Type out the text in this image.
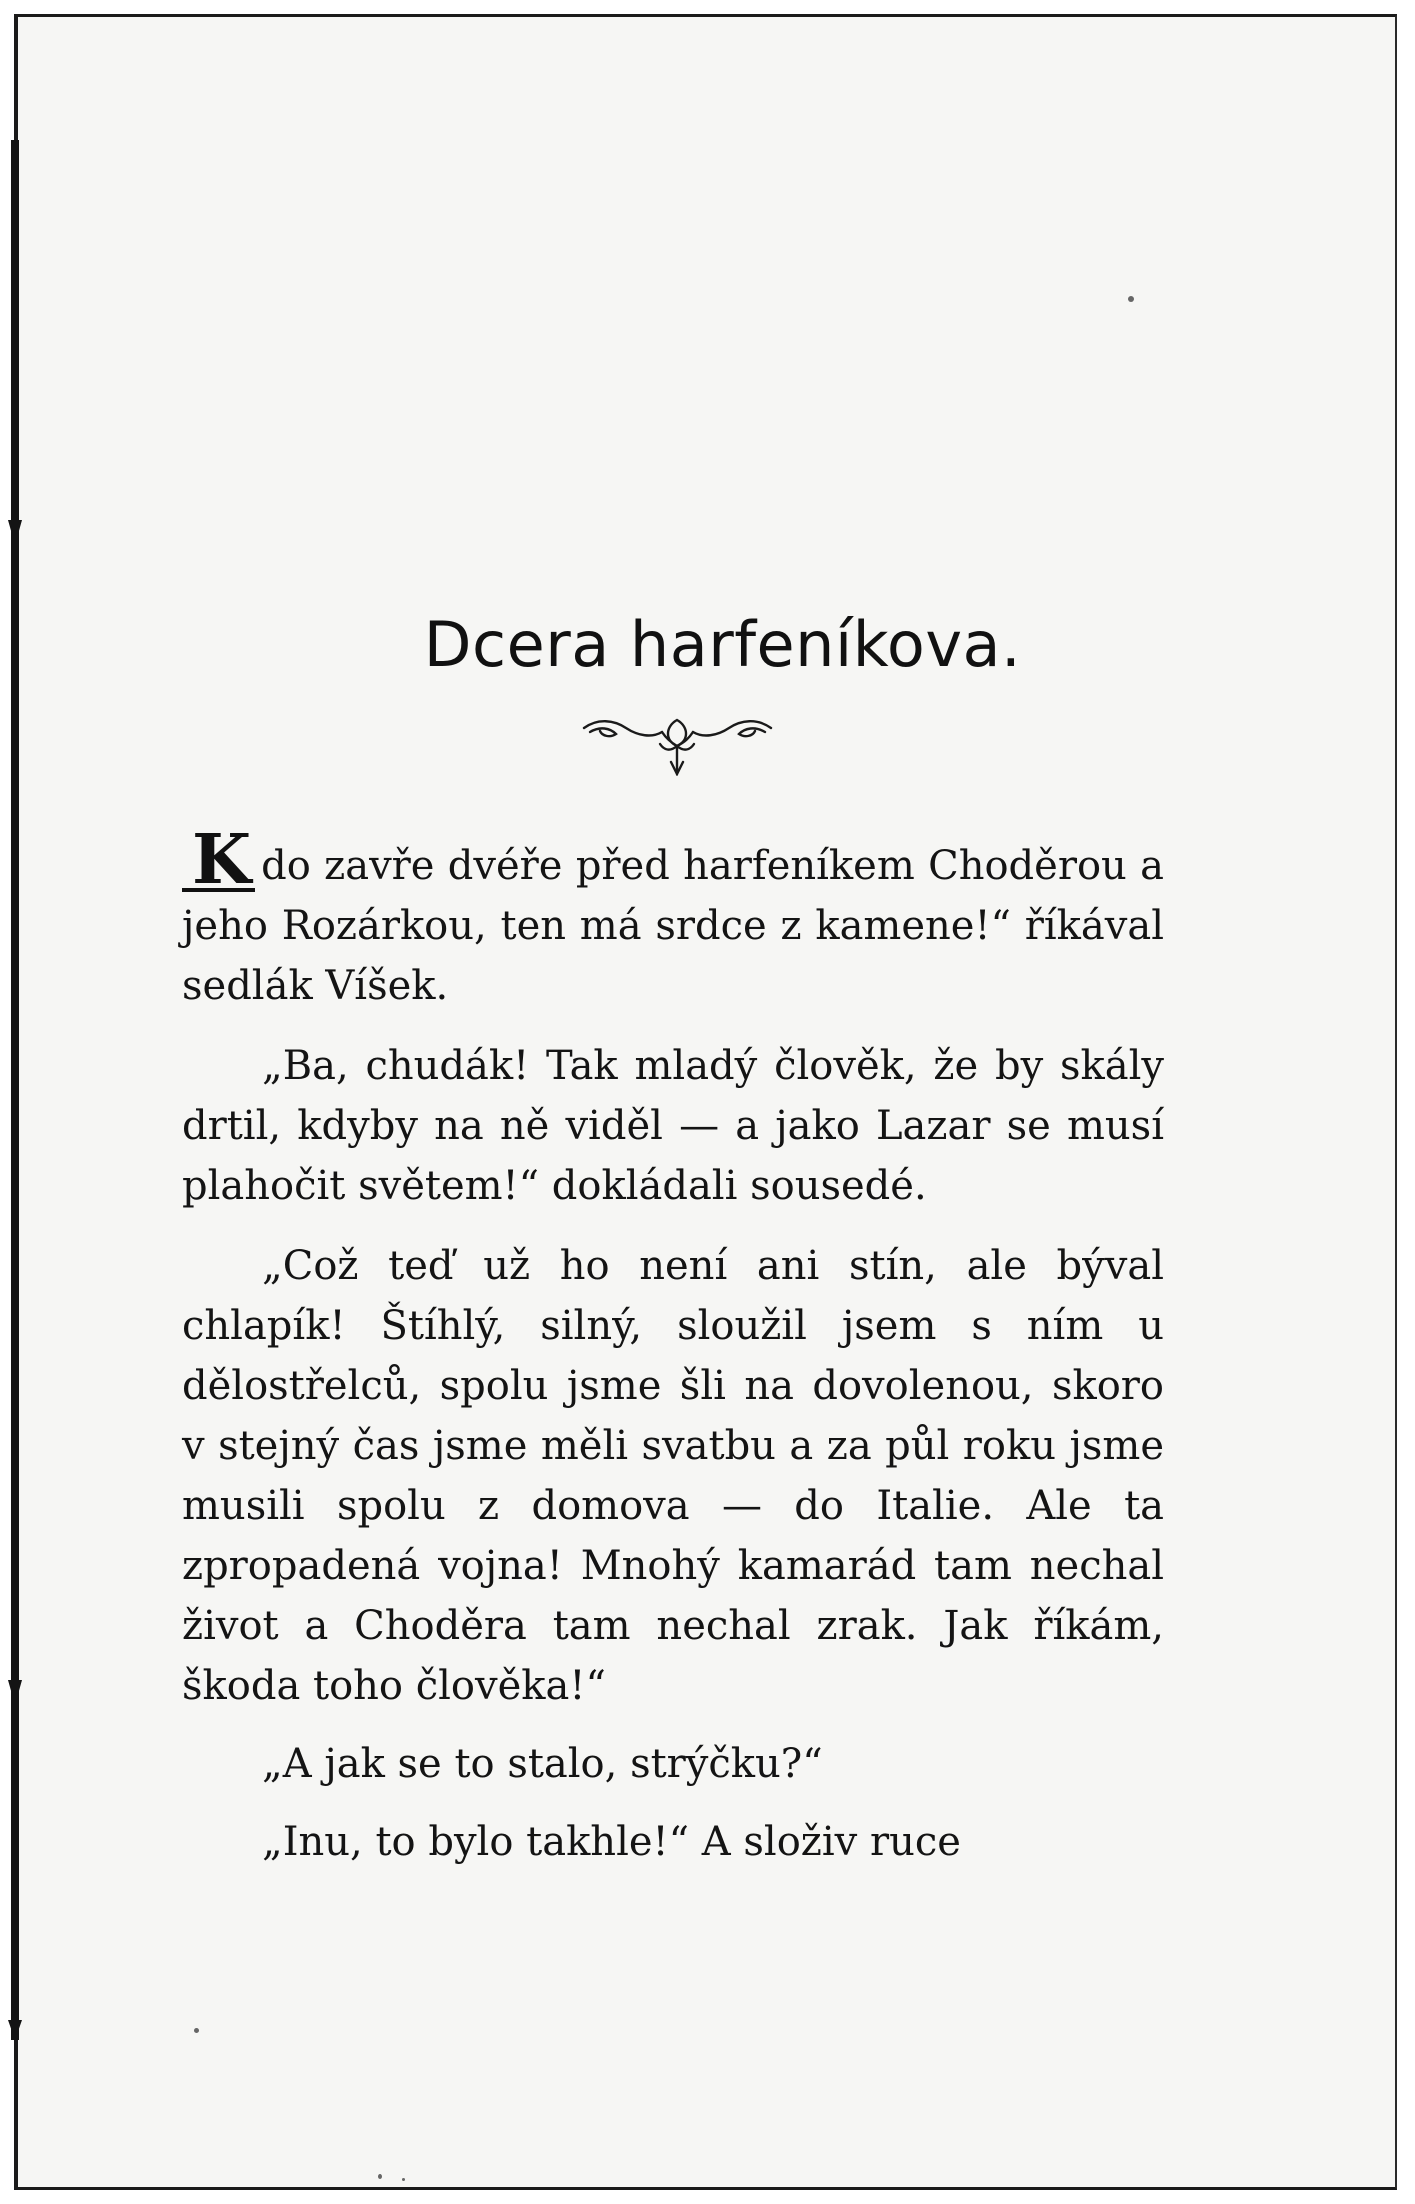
Dcera harfeníkova.

K do zavře dvéře před harfeníkem Choděrou a jeho Rozárkou, ten má srdce z kamene!“ říkával sedlák Víšek.

„Ba, chudák! Tak mladý člověk, že by skály drtil, kdyby na ně viděl — a jako Lazar se musí plahočit světem!“ dokládali sousedé.

„Což teď už ho není ani stín, ale býval chlapík! Štíhlý, silný, sloužil jsem s ním u dělostřelců, spolu jsme šli na dovolenou, skoro v stejný čas jsme měli svatbu a za půl roku jsme musili spolu z domova — do Italie. Ale ta zpropadená vojna! Mnohý kamarád tam nechal život a Choděra tam nechal zrak. Jak říkám, škoda toho člověka!“

„A jak se to stalo, strýčku?“

„Inu, to bylo takhle!“ A složiv ruce
